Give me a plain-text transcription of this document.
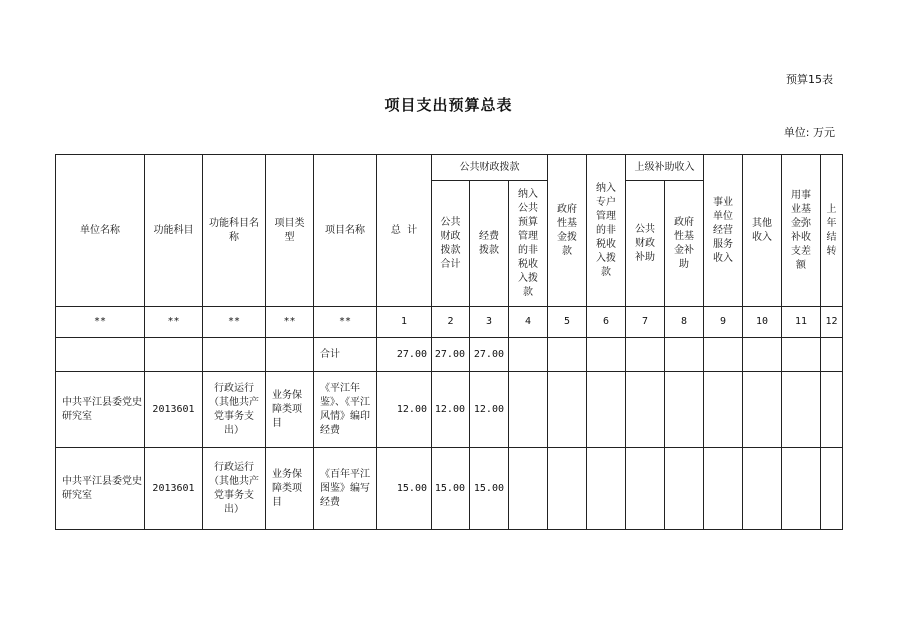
预算15表
项目支出预算总表
单位: 万元
单位名称	功能科目	功能科目名称	项目类型	项目名称	总  计	公共财政拨款			政府性基金拨款	纳入专户管理的非税收入拨款	上级补助收入		事业单位经营服务收入	其他收入	用事业基金弥补收支差额	上年结转
						公共财政拨款合计	经费拨款	纳入公共预算管理的非税收入拨款			公共财政补助	政府性基金补助				
**	**	**	**	**	1	2	3	4	5	6	7	8	9	10	11	12
				合计	27.00	27.00	27.00									
中共平江县委党史研究室	2013601	行政运行（其他共产党事务支出）	业务保障类项目	《平江年鉴》、《平江风情》编印经费	12.00	12.00	12.00									
中共平江县委党史研究室	2013601	行政运行（其他共产党事务支出）	业务保障类项目	《百年平江图鉴》编写经费	15.00	15.00	15.00									
